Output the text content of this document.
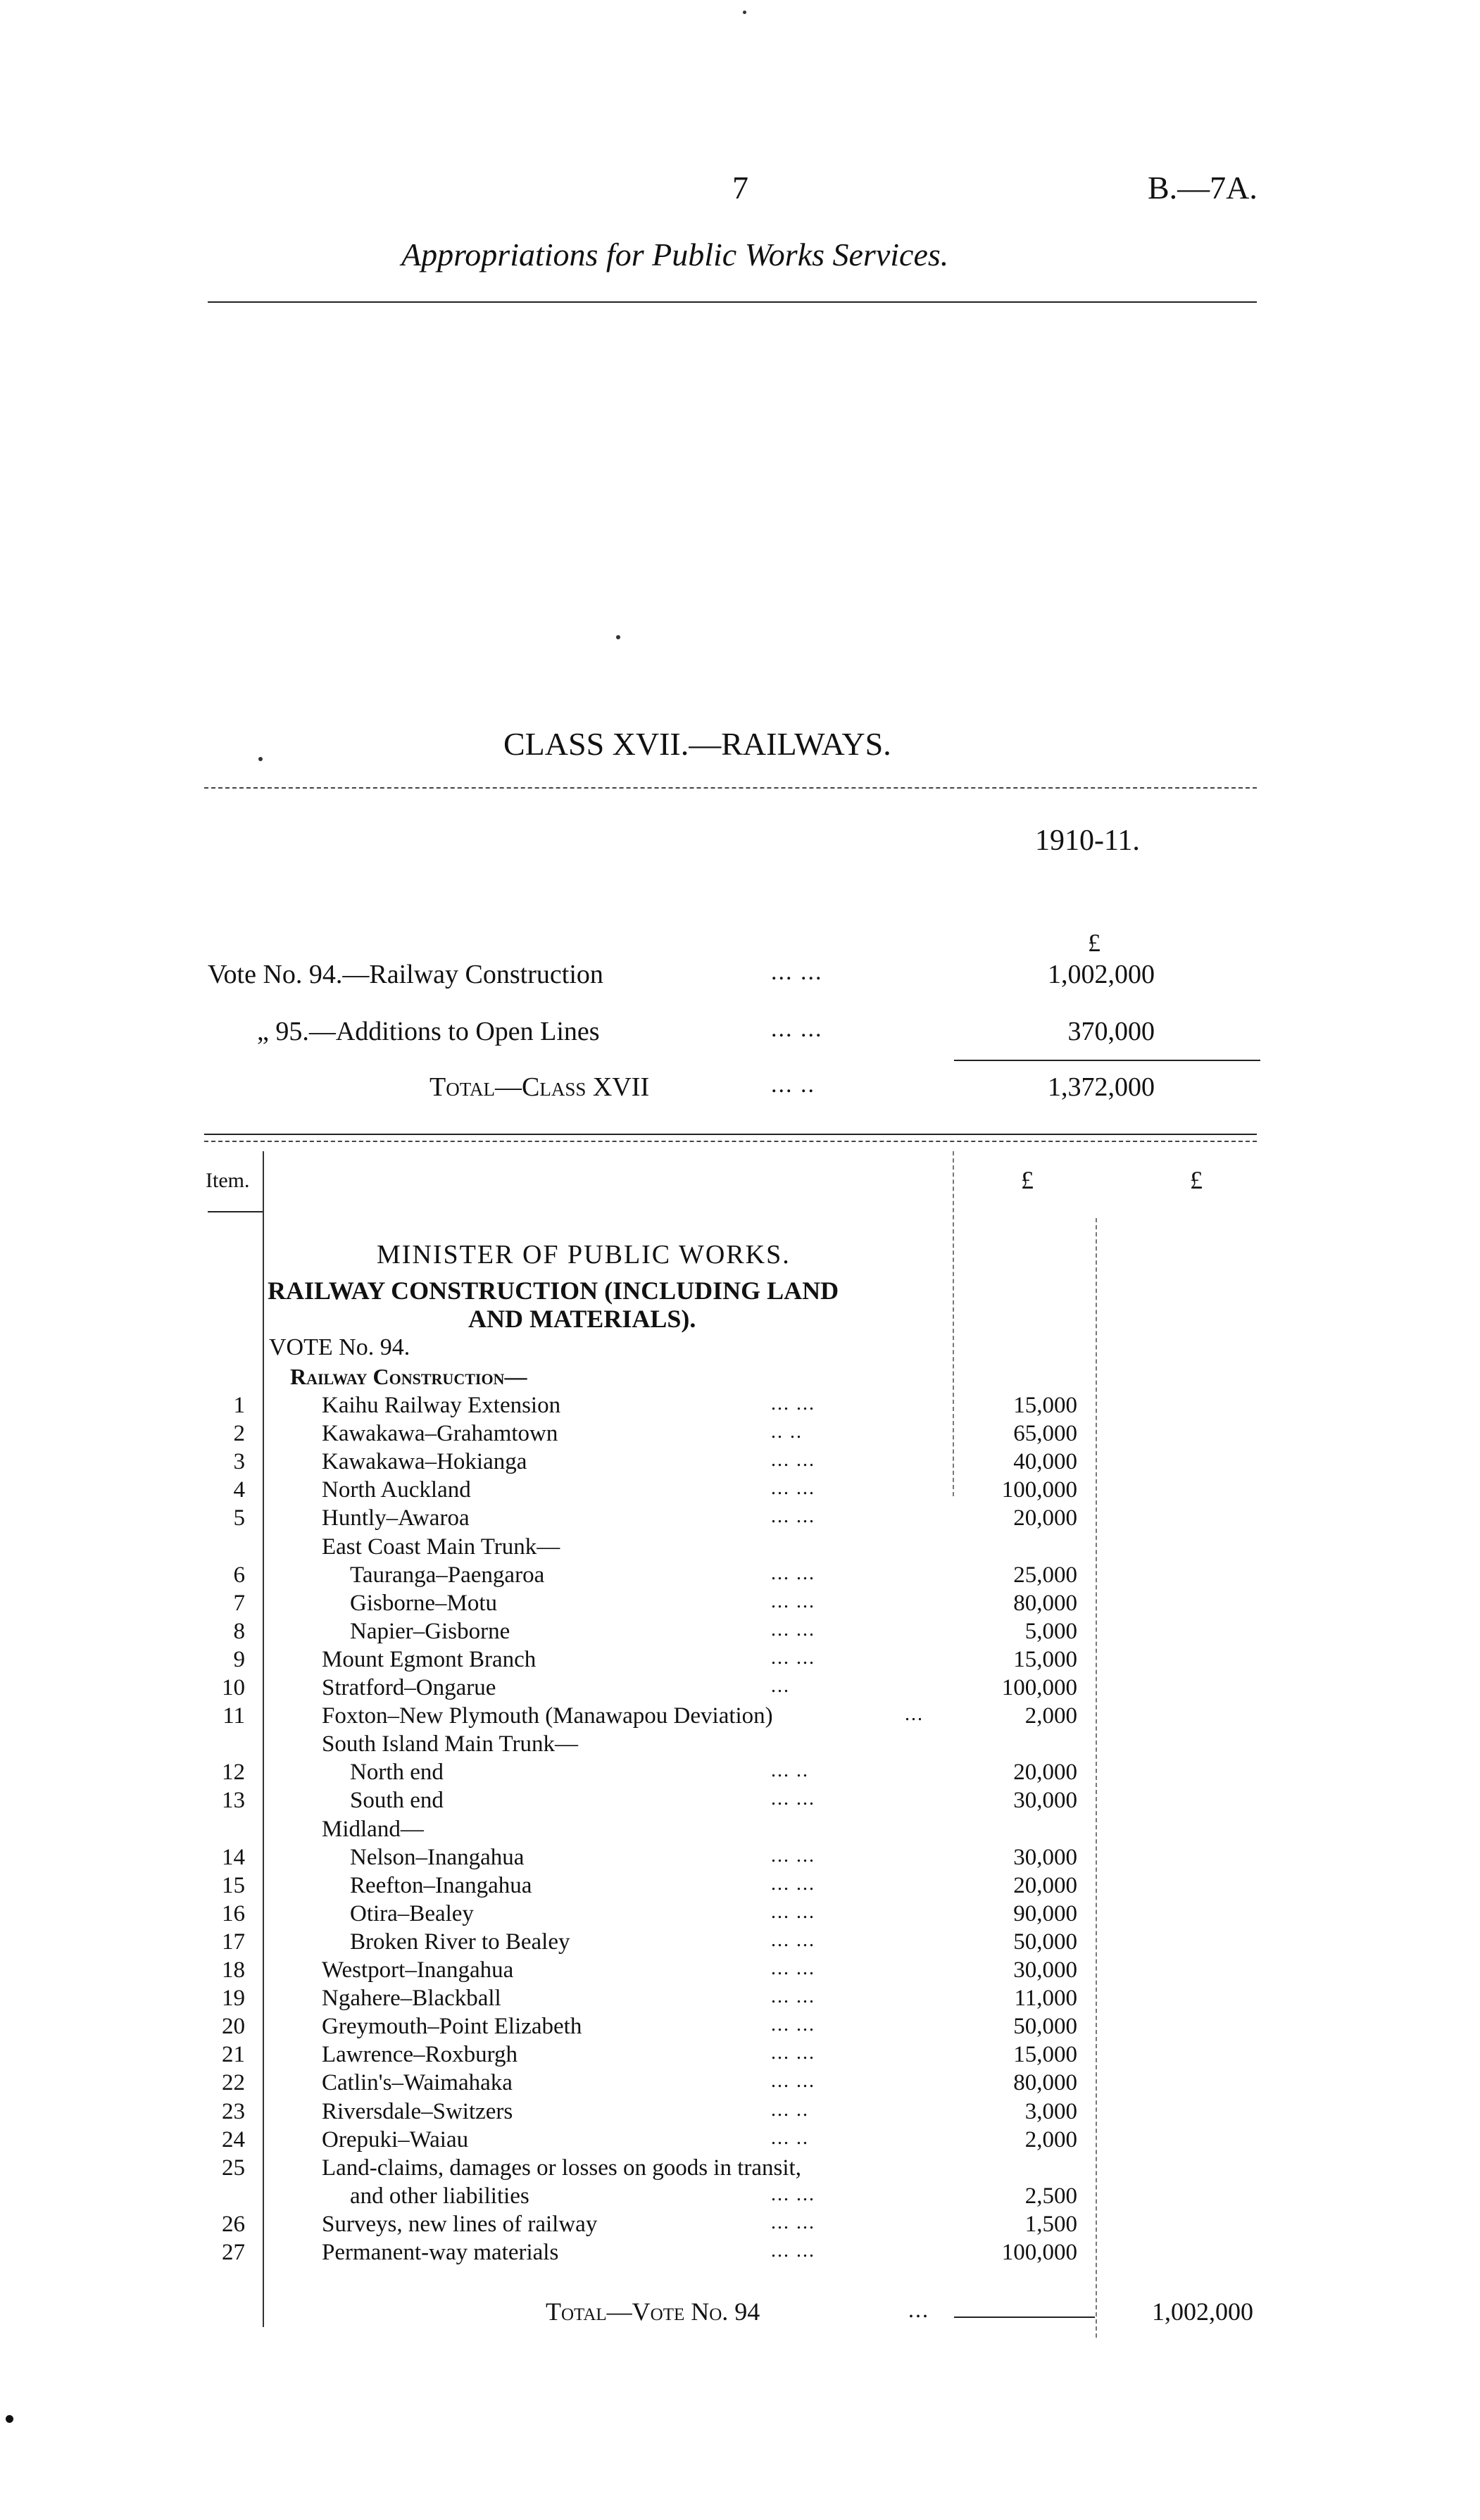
7	B.—7A.
Appropriations for Public Works Services.
CLASS XVII.—RAILWAYS.
1910-11.
£
Vote No. 94.—Railway Construction	... ...	1,002,000
„ 95.—Additions to Open Lines	... ...	370,000
Total—Class XVII	... ..	1,372,000
Item.	£	£
MINISTER OF PUBLIC WORKS.
RAILWAY CONSTRUCTION (INCLUDING LAND
AND MATERIALS).
VOTE No. 94.
Railway Construction—
1	Kaihu Railway Extension	... ...	15,000
2	Kawakawa–Grahamtown	.. ..	65,000
3	Kawakawa–Hokianga	... ...	40,000
4	North Auckland	... ...	100,000
5	Huntly–Awaroa	... ...	20,000
East Coast Main Trunk—
6	Tauranga–Paengaroa	... ...	25,000
7	Gisborne–Motu	... ...	80,000
8	Napier–Gisborne	... ...	5,000
9	Mount Egmont Branch	... ...	15,000
10	Stratford–Ongarue	...	100,000
11	Foxton–New Plymouth (Manawapou Deviation)	...	2,000
South Island Main Trunk—
12	North end	... ..	20,000
13	South end	... ...	30,000
Midland—
14	Nelson–Inangahua	... ...	30,000
15	Reefton–Inangahua	... ...	20,000
16	Otira–Bealey	... ...	90,000
17	Broken River to Bealey	... ...	50,000
18	Westport–Inangahua	... ...	30,000
19	Ngahere–Blackball	... ...	11,000
20	Greymouth–Point Elizabeth	... ...	50,000
21	Lawrence–Roxburgh	... ...	15,000
22	Catlin's–Waimahaka	... ...	80,000
23	Riversdale–Switzers	... ..	3,000
24	Orepuki–Waiau	... ..	2,000
25	Land-claims, damages or losses on goods in transit,
and other liabilities	... ...	2,500
26	Surveys, new lines of railway	... ...	1,500
27	Permanent-way materials	... ...	100,000
Total—Vote No. 94	...	1,002,000
